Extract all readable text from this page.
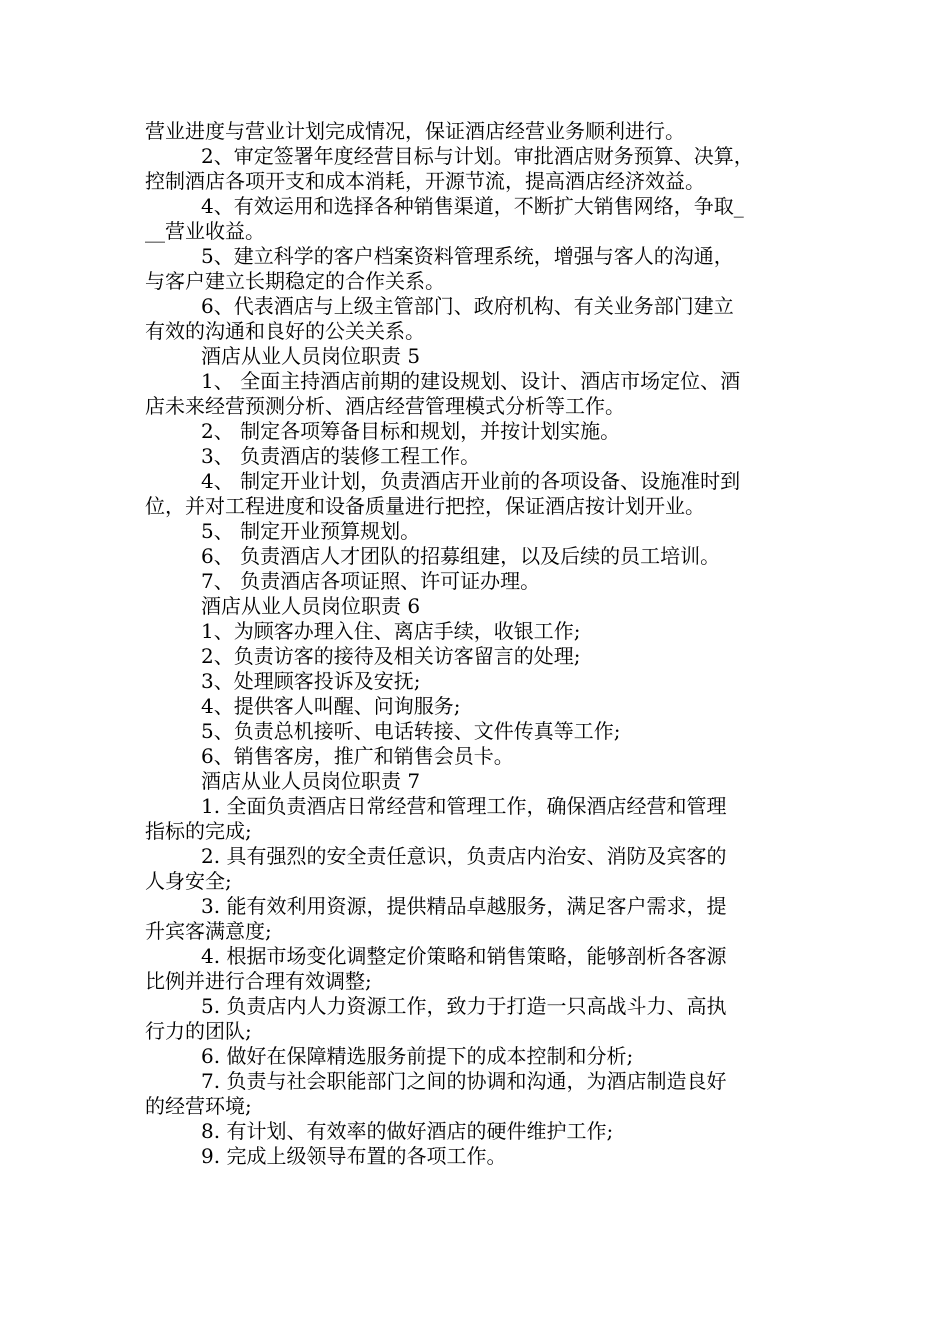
营业进度与营业计划完成情况，保证酒店经营业务顺利进行。
2、审定签署年度经营目标与计划。审批酒店财务预算、决算，
控制酒店各项开支和成本消耗，开源节流，提高酒店经济效益。
4、有效运用和选择各种销售渠道，不断扩大销售网络，争取_
__营业收益。
5、建立科学的客户档案资料管理系统，增强与客人的沟通，
与客户建立长期稳定的合作关系。
6、代表酒店与上级主管部门、政府机构、有关业务部门建立
有效的沟通和良好的公关关系。
酒店从业人员岗位职责 5
1、 全面主持酒店前期的建设规划、设计、酒店市场定位、酒
店未来经营预测分析、酒店经营管理模式分析等工作。
2、 制定各项筹备目标和规划，并按计划实施。
3、 负责酒店的装修工程工作。
4、 制定开业计划，负责酒店开业前的各项设备、设施准时到
位，并对工程进度和设备质量进行把控，保证酒店按计划开业。
5、 制定开业预算规划。
6、 负责酒店人才团队的招募组建，以及后续的员工培训。
7、 负责酒店各项证照、许可证办理。
酒店从业人员岗位职责 6
1、为顾客办理入住、离店手续，收银工作;
2、负责访客的接待及相关访客留言的处理;
3、处理顾客投诉及安抚;
4、提供客人叫醒、问询服务;
5、负责总机接听、电话转接、文件传真等工作;
6、销售客房，推广和销售会员卡。
酒店从业人员岗位职责 7
1. 全面负责酒店日常经营和管理工作，确保酒店经营和管理
指标的完成;
2. 具有强烈的安全责任意识，负责店内治安、消防及宾客的
人身安全;
3. 能有效利用资源，提供精品卓越服务，满足客户需求，提
升宾客满意度;
4. 根据市场变化调整定价策略和销售策略，能够剖析各客源
比例并进行合理有效调整;
5. 负责店内人力资源工作，致力于打造一只高战斗力、高执
行力的团队;
6. 做好在保障精选服务前提下的成本控制和分析;
7. 负责与社会职能部门之间的协调和沟通，为酒店制造良好
的经营环境;
8. 有计划、有效率的做好酒店的硬件维护工作;
9. 完成上级领导布置的各项工作。
